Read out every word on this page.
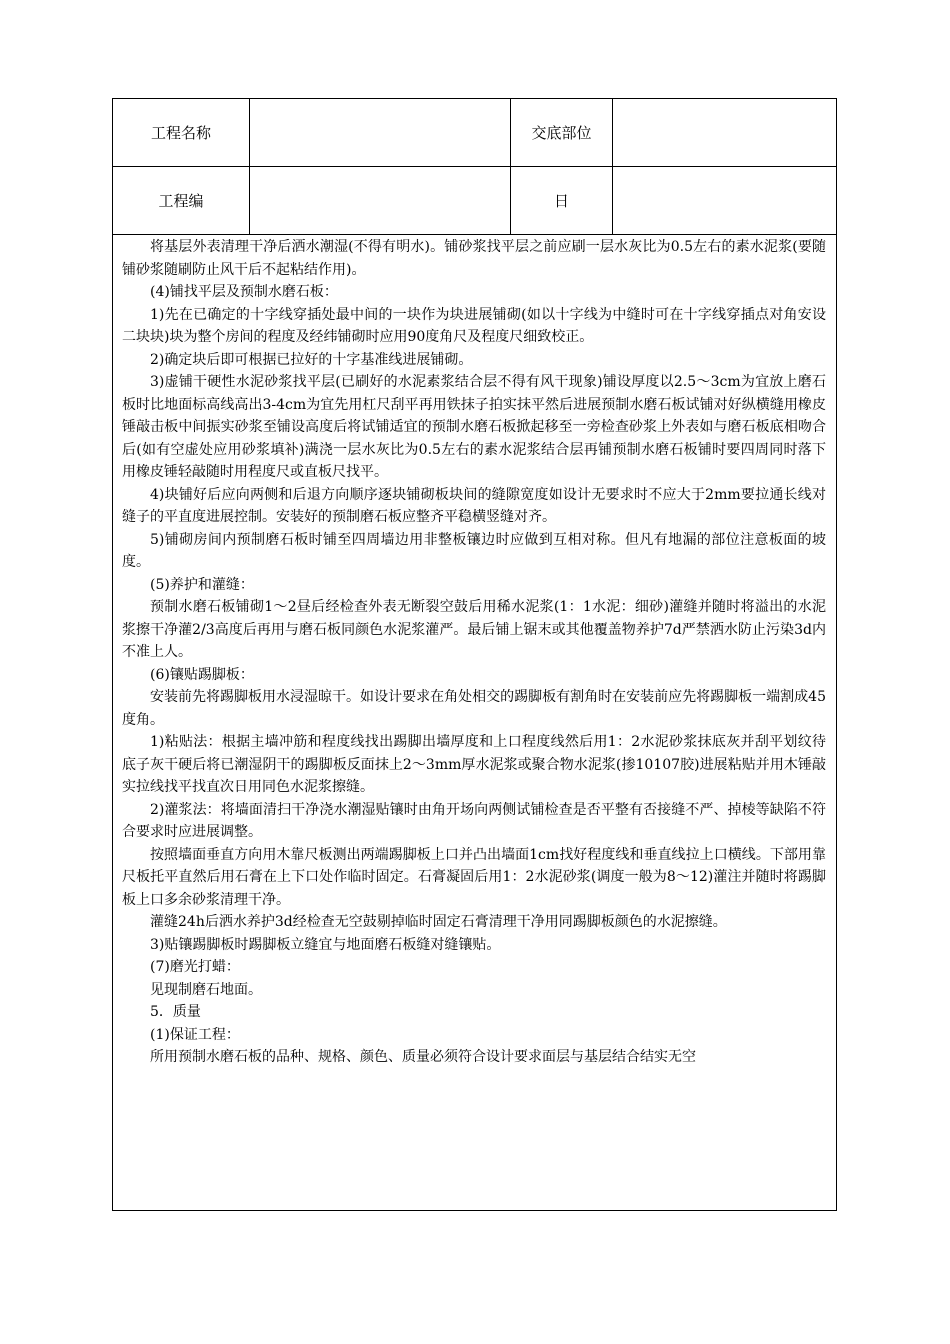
工程名称	交底部位
工程编	日

将基层外表清理干净后洒水潮湿(不得有明水)。铺砂浆找平层之前应刷一层水灰比为0.5左右的素水泥浆(要随铺砂浆随刷防止风干后不起粘结作用)。

(4)铺找平层及预制水磨石板：

1)先在已确定的十字线穿插处最中间的一块作为块进展铺砌(如以十字线为中缝时可在十字线穿插点对角安设二块块)块为整个房间的程度及经纬铺砌时应用90度角尺及程度尺细致校正。

2)确定块后即可根据已拉好的十字基准线进展铺砌。

3)虚铺干硬性水泥砂浆找平层(已刷好的水泥素浆结合层不得有风干现象)铺设厚度以2.5～3cm为宜放上磨石板时比地面标高线高出3-4cm为宜先用杠尺刮平再用铁抹子拍实抹平然后进展预制水磨石板试铺对好纵横缝用橡皮锤敲击板中间振实砂浆至铺设高度后将试铺适宜的预制水磨石板掀起移至一旁检查砂浆上外表如与磨石板底相吻合后(如有空虚处应用砂浆填补)满浇一层水灰比为0.5左右的素水泥浆结合层再铺预制水磨石板铺时要四周同时落下用橡皮锤轻敲随时用程度尺或直板尺找平。

4)块铺好后应向两侧和后退方向顺序逐块铺砌板块间的缝隙宽度如设计无要求时不应大于2mm要拉通长线对缝子的平直度进展控制。安装好的预制磨石板应整齐平稳横竖缝对齐。

5)铺砌房间内预制磨石板时铺至四周墙边用非整板镶边时应做到互相对称。但凡有地漏的部位注意板面的坡度。

(5)养护和灌缝：

预制水磨石板铺砌1～2昼后经检查外表无断裂空鼓后用稀水泥浆(1：1水泥：细砂)灌缝并随时将溢出的水泥浆擦干净灌2/3高度后再用与磨石板同颜色水泥浆灌严。最后铺上锯末或其他覆盖物养护7d严禁洒水防止污染3d内不准上人。

(6)镶贴踢脚板：

安装前先将踢脚板用水浸湿晾干。如设计要求在角处相交的踢脚板有割角时在安装前应先将踢脚板一端割成45度角。

1)粘贴法：根据主墙冲筋和程度线找出踢脚出墙厚度和上口程度线然后用1：2水泥砂浆抹底灰并刮平划纹待底子灰干硬后将已潮湿阴干的踢脚板反面抹上2～3mm厚水泥浆或聚合物水泥浆(掺10107胶)进展粘贴并用木锤敲实拉线找平找直次日用同色水泥浆擦缝。

2)灌浆法：将墙面清扫干净浇水潮湿贴镶时由角开场向两侧试铺检查是否平整有否接缝不严、掉棱等缺陷不符合要求时应进展调整。

按照墙面垂直方向用木靠尺板测出两端踢脚板上口并凸出墙面1cm找好程度线和垂直线拉上口横线。下部用靠尺板托平直然后用石膏在上下口处作临时固定。石膏凝固后用1：2水泥砂浆(调度一般为8～12)灌注并随时将踢脚板上口多余砂浆清理干净。

灌缝24h后洒水养护3d经检查无空鼓剔掉临时固定石膏清理干净用同踢脚板颜色的水泥擦缝。

3)贴镶踢脚板时踢脚板立缝宜与地面磨石板缝对缝镶贴。

(7)磨光打蜡：

见现制磨石地面。

5．质量

(1)保证工程：

所用预制水磨石板的品种、规格、颜色、质量必须符合设计要求面层与基层结合结实无空
